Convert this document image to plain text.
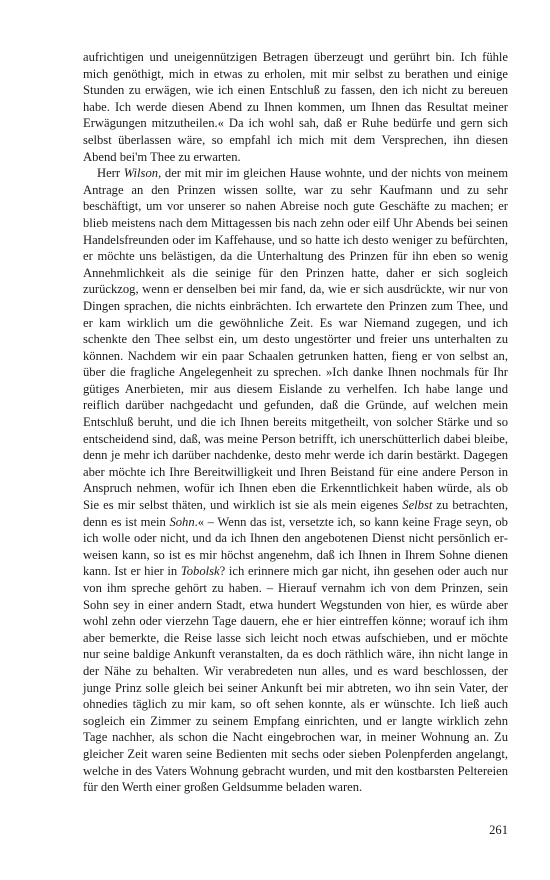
aufrichtigen und uneigennützigen Betragen überzeugt und gerührt bin. Ich fühle mich genöthigt, mich in etwas zu erholen, mit mir selbst zu berathen und einige Stunden zu erwägen, wie ich einen Entschluß zu fassen, den ich nicht zu bereuen habe. Ich werde diesen Abend zu Ihnen kommen, um Ihnen das Resultat meiner Erwägungen mitzutheilen.« Da ich wohl sah, daß er Ruhe bedürfe und gern sich selbst überlassen wäre, so empfahl ich mich mit dem Versprechen, ihn diesen Abend bei'm Thee zu erwarten.

Herr Wilson, der mit mir im gleichen Hause wohnte, und der nichts von meinem Antrage an den Prinzen wissen sollte, war zu sehr Kaufmann und zu sehr beschäftigt, um vor unserer so nahen Abreise noch gute Geschäfte zu machen; er blieb meistens nach dem Mittagessen bis nach zehn oder eilf Uhr Abends bei seinen Handelsfreunden oder im Kaffehause, und so hatte ich desto weniger zu befürchten, er möchte uns belästigen, da die Unterhaltung des Prinzen für ihn eben so wenig Annehmlichkeit als die seinige für den Prinzen hatte, daher er sich sogleich zurückzog, wenn er denselben bei mir fand, da, wie er sich ausdrückte, wir nur von Dingen sprachen, die nichts einbrächten. Ich erwartete den Prinzen zum Thee, und er kam wirklich um die gewöhnliche Zeit. Es war Niemand zugegen, und ich schenkte den Thee selbst ein, um desto ungestörter und freier uns unterhalten zu können. Nachdem wir ein paar Schaalen getrunken hatten, fieng er von selbst an, über die fragliche Angelegenheit zu sprechen. »Ich danke Ihnen nochmals für Ihr gütiges Anerbieten, mir aus diesem Eislande zu verhelfen. Ich habe lange und reiflich darüber nachgedacht und gefunden, daß die Gründe, auf welchen mein Entschluß beruht, und die ich Ihnen bereits mitgetheilt, von solcher Stärke und so entscheidend sind, daß, was meine Person betrifft, ich unerschütterlich dabei bleibe, denn je mehr ich darüber nachdenke, desto mehr werde ich darin bestärkt. Dagegen aber möchte ich Ihre Bereitwilligkeit und Ihren Beistand für eine andere Person in Anspruch nehmen, wofür ich Ihnen eben die Erkenntlichkeit haben würde, als ob Sie es mir selbst thäten, und wirklich ist sie als mein eigenes Selbst zu betrachten, denn es ist mein Sohn.« – Wenn das ist, versetzte ich, so kann keine Frage seyn, ob ich wolle oder nicht, und da ich Ihnen den angebotenen Dienst nicht persönlich erweisen kann, so ist es mir höchst angenehm, daß ich Ihnen in Ihrem Sohne dienen kann. Ist er hier in Tobolsk? ich erinnere mich gar nicht, ihn gesehen oder auch nur von ihm spreche gehört zu haben. – Hierauf vernahm ich von dem Prinzen, sein Sohn sey in einer andern Stadt, etwa hundert Wegstunden von hier, es würde aber wohl zehn oder vierzehn Tage dauern, ehe er hier eintreffen könne; worauf ich ihm aber bemerkte, die Reise lasse sich leicht noch etwas aufschieben, und er möchte nur seine baldige Ankunft veranstalten, da es doch räthlich wäre, ihn nicht lange in der Nähe zu behalten. Wir verabredeten nun alles, und es ward beschlossen, der junge Prinz solle gleich bei seiner Ankunft bei mir abtreten, wo ihn sein Vater, der ohnedies täglich zu mir kam, so oft sehen konnte, als er wünschte. Ich ließ auch sogleich ein Zimmer zu seinem Empfang einrichten, und er langte wirklich zehn Tage nachher, als schon die Nacht eingebrochen war, in meiner Wohnung an. Zu gleicher Zeit waren seine Bedienten mit sechs oder sieben Polenpferden angelangt, welche in des Vaters Wohnung gebracht wurden, und mit den kostbarsten Peltereien für den Werth einer großen Geldsumme beladen waren.

261
